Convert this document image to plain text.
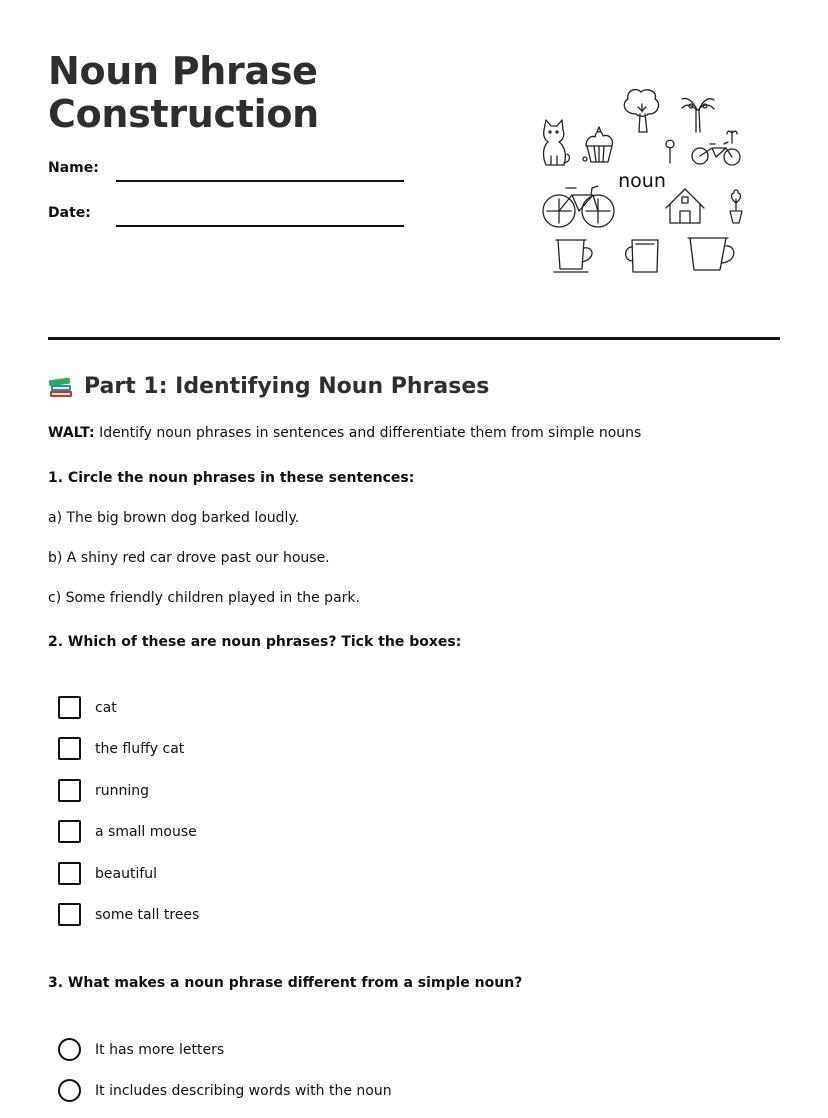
Noun Phrase
Construction
Name:
Date:
noun
Part 1: Identifying Noun Phrases
WALT: Identify noun phrases in sentences and differentiate them from simple nouns
1. Circle the noun phrases in these sentences:
a) The big brown dog barked loudly.
b) A shiny red car drove past our house.
c) Some friendly children played in the park.
2. Which of these are noun phrases? Tick the boxes:
cat
the fluffy cat
running
a small mouse
beautiful
some tall trees
3. What makes a noun phrase different from a simple noun?
It has more letters
It includes describing words with the noun
